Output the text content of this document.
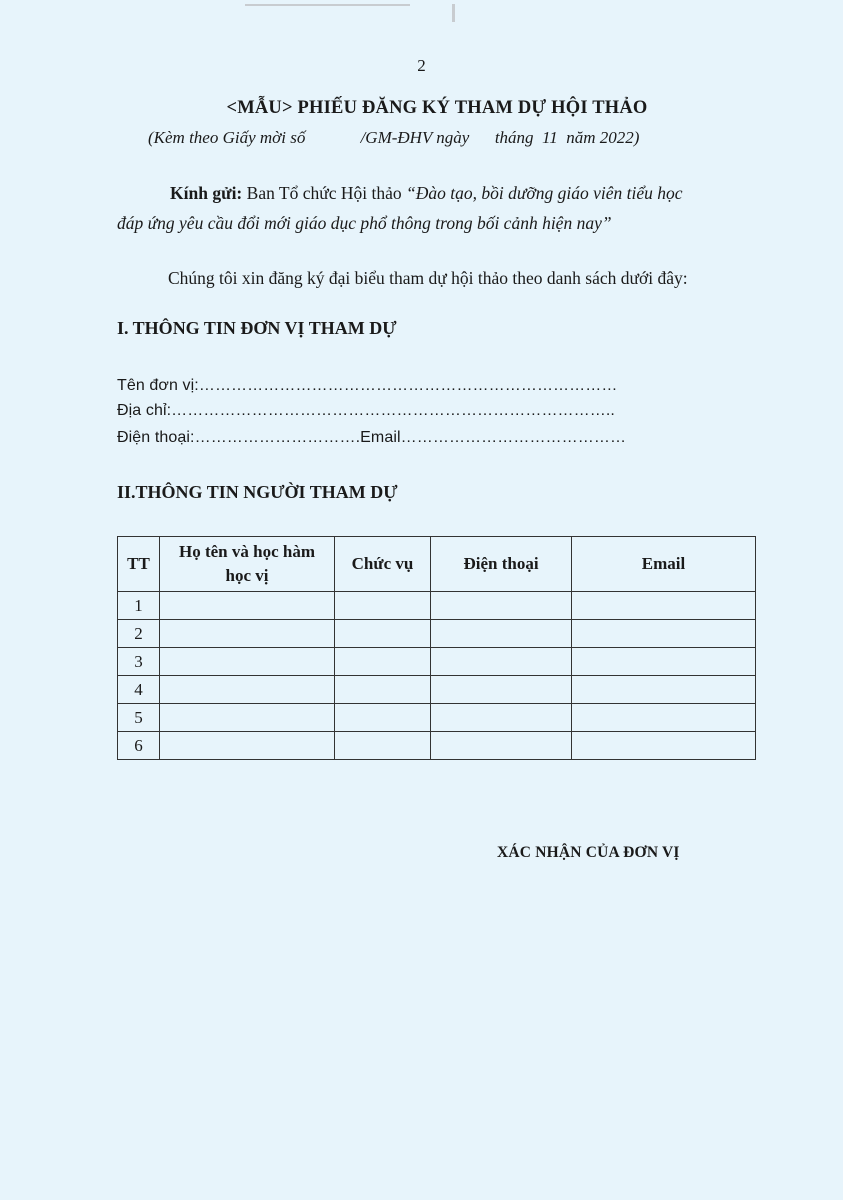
2
<MẪU> PHIẾU ĐĂNG KÝ THAM DỰ HỘI THẢO
(Kèm theo Giấy mời số             /GM-ĐHV ngày      tháng  11  năm 2022)
Kính gửi: Ban Tổ chức Hội thảo “Đào tạo, bồi dưỡng giáo viên tiểu học
đáp ứng yêu cầu đổi mới giáo dục phổ thông trong bối cảnh hiện nay”
Chúng tôi xin đăng ký đại biểu tham dự hội thảo theo danh sách dưới đây:
I. THÔNG TIN ĐƠN VỊ THAM DỰ
Tên đơn vị:……………………………………………………………………
Địa chỉ:………………………………………………………………………..
Điện thoại:………………………….Email……………………………………
II.THÔNG TIN NGƯỜI THAM DỰ
TT	Họ tên và học hàm
học vị	Chức vụ	Điện thoại	Email
1				
2				
3				
4				
5				
6				
XÁC NHẬN CỦA ĐƠN VỊ
